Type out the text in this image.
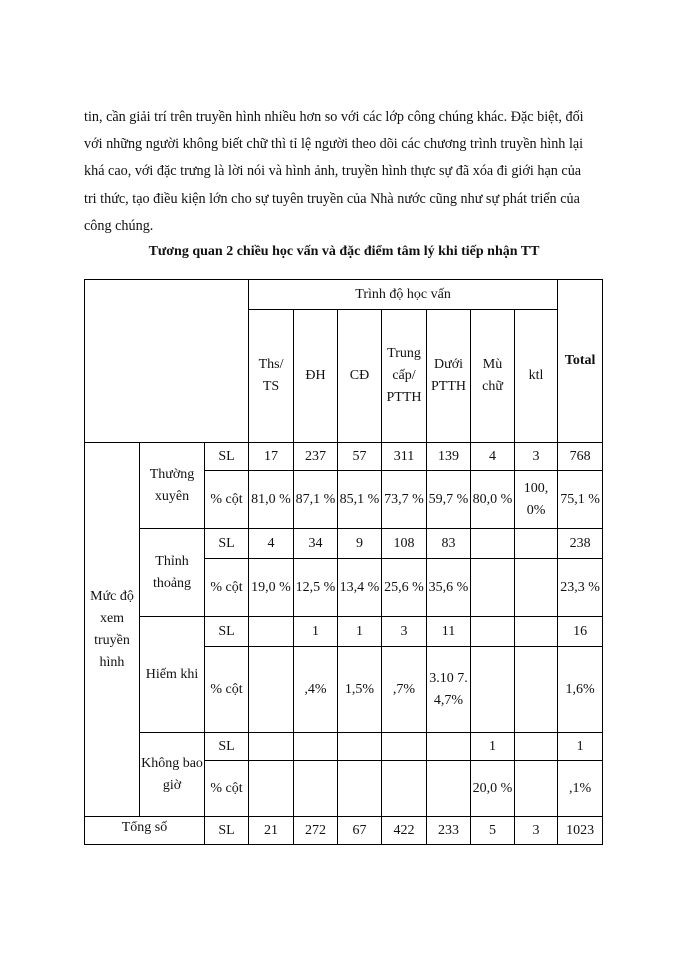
tin, cần giải trí trên truyền hình nhiều hơn so với các lớp công chúng khác. Đặc biệt, đối
với những người không biết chữ thì tỉ lệ người theo dõi các chương trình truyền hình lại
khá cao, với đặc trưng là lời nói và hình ảnh, truyền hình thực sự đã xóa đi giới hạn của
tri thức, tạo điều kiện lớn cho sự tuyên truyền của Nhà nước cũng như sự phát triển của
công chúng.

Tương quan 2 chiều học vấn và đặc điểm tâm lý khi tiếp nhận TT

			Trình độ học vấn							Total
			Ths/ TS	ĐH	CĐ	Trung cấp/ PTTH	Dưới PTTH	Mù chữ	ktl	
Mức độ xem truyền hình	Thường xuyên	SL	17	237	57	311	139	4	3	768
		% cột	81,0 %	87,1 %	85,1 %	73,7 %	59,7 %	80,0 %	100, 0%	75,1 %
	Thỉnh thoảng	SL	4	34	9	108	83			238
		% cột	19,0 %	12,5 %	13,4 %	25,6 %	35,6 %			23,3 %
	Hiếm khi	SL		1	1	3	11			16
		% cột		,4%	1,5%	,7%	3.10 7. 4,7%			1,6%
	Không bao giờ	SL						1		1
		% cột						20,0 %		,1%
Tổng số		SL	21	272	67	422	233	5	3	1023
